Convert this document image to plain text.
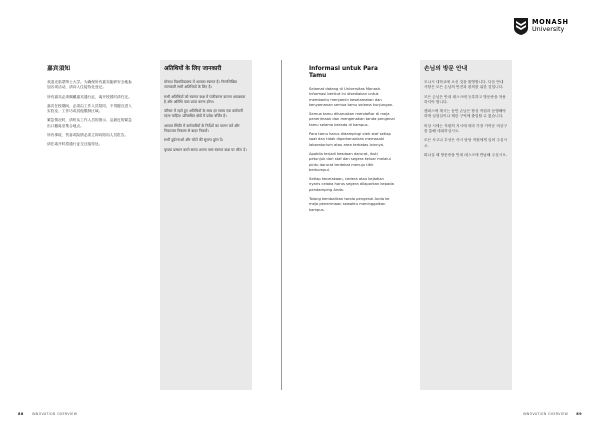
MONASH
University
嘉宾須知

欢迎光临蒙纳士大学。为确保所有嘉宾能够安全地参加各项活动，请向入住接待处登记。

所有嘉宾必须佩戴嘉宾通行证，离开校园时请归还。

嘉宾在校期间，必须由工作人员陪同，不得擅自进入实验室、工作坊或其他限制区域。

紧急情况时，请听从工作人员的指示，沿最近的紧急出口撤离至集合地点。

所有事故、伤害或险情必须立即向陪同人员报告。

请在离开时将通行证交还接待处。

अतिथियों के लिए जानकारी

मोनाश विश्वविद्यालय में आपका स्वागत है। निम्नलिखित जानकारी सभी अतिथियों के लिए है।

सभी अतिथियों को स्वागत कक्ष में पंजीकरण कराना आवश्यक है और अतिथि पास प्राप्त करना होगा।

परिसर में रहते हुए अतिथियों के साथ हर समय एक कर्मचारी रहना चाहिए। प्रतिबंधित क्षेत्रों में प्रवेश वर्जित है।

आपात स्थिति में कर्मचारियों के निर्देशों का पालन करें और निकटतम निकास से बाहर निकलें।

सभी दुर्घटनाओं और चोटों की सूचना तुरंत दें।

कृपया प्रस्थान करते समय अपना पास स्वागत कक्ष पर लौटा दें।

Informasi untuk Para Tamu

Selamat datang di Universitas Monash. Informasi berikut ini disediakan untuk membantu menjamin keselamatan dan kenyamanan semua tamu selama kunjungan.

Semua tamu diharuskan mendaftar di meja penerimaan dan mengenakan tanda pengenal tamu selama berada di kampus.

Para tamu harus didampingi oleh staf setiap saat dan tidak diperkenankan memasuki laboratorium atau area terbatas lainnya.

Apabila terjadi keadaan darurat, ikuti petunjuk dari staf dan segera keluar melalui pintu darurat terdekat menuju titik berkumpul.

Setiap kecelakaan, cedera atau kejadian nyaris celaka harus segera dilaporkan kepada pendamping Anda.

Tolong kembalikan tanda pengenal Anda ke meja penerimaan sewaktu meninggalkan kampus.

손님의 방문 안내

모나시 대학교에 오신 것을 환영합니다. 다음 안내 사항은 모든 손님의 안전과 편의를 위한 것입니다.

모든 손님은 안내 데스크에 등록하고 방문증을 착용하셔야 합니다.

캠퍼스에 계시는 동안 손님은 항상 직원과 동행해야 하며 실험실이나 제한 구역에 출입할 수 없습니다.

비상 시에는 직원의 지시에 따라 가장 가까운 비상구를 통해 대피하십시오.

모든 사고나 부상은 즉시 담당 직원에게 알려 주십시오.

떠나실 때 방문증을 안내 데스크에 반납해 주십시오.

88	INNOVATION OVERVIEW	INNOVATION OVERVIEW 89
